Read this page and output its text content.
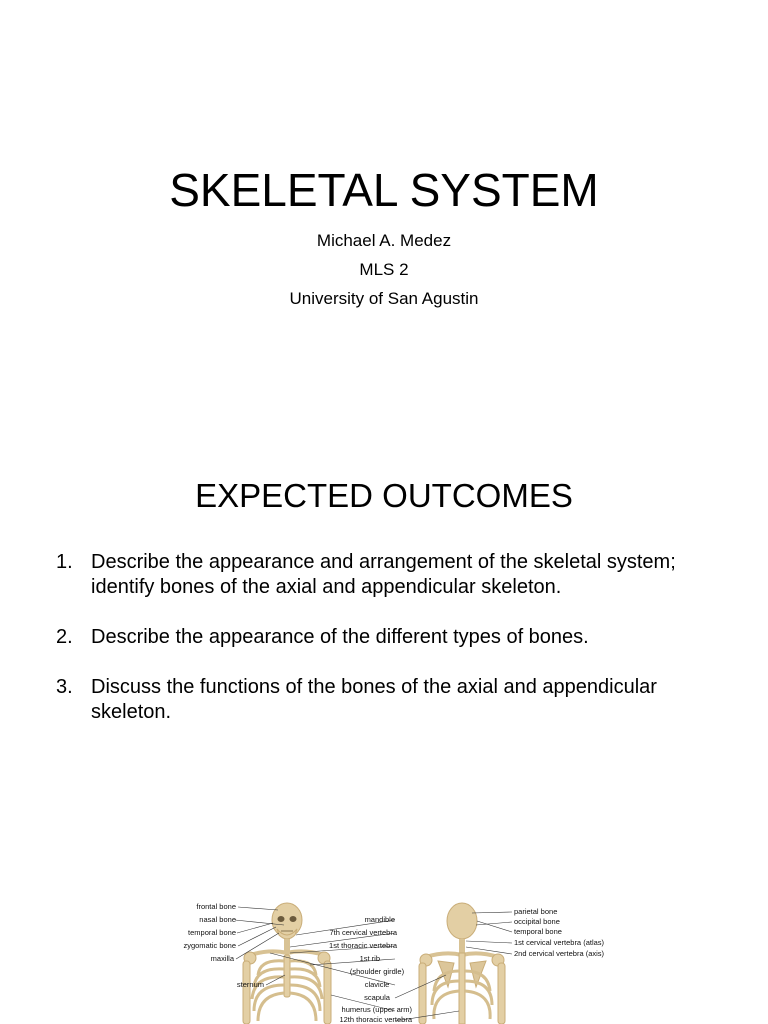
SKELETAL SYSTEM
Michael A. Medez
MLS 2
University of San Agustin
EXPECTED OUTCOMES
1. Describe the appearance and arrangement of the skeletal system; identify bones of the axial and appendicular skeleton.
2. Describe the appearance of the different types of bones.
3. Discuss the functions of the bones of the axial and appendicular skeleton.
frontal bone
nasal bone
temporal bone
zygomatic bone
maxilla
sternum
mandible
7th cervical vertebra
1st thoracic vertebra
1st rib
(shoulder girdle)
clavicle
scapula
humerus (upper arm)
12th thoracic vertebra
parietal bone
occipital bone
temporal bone
1st cervical vertebra (atlas)
2nd cervical vertebra (axis)
